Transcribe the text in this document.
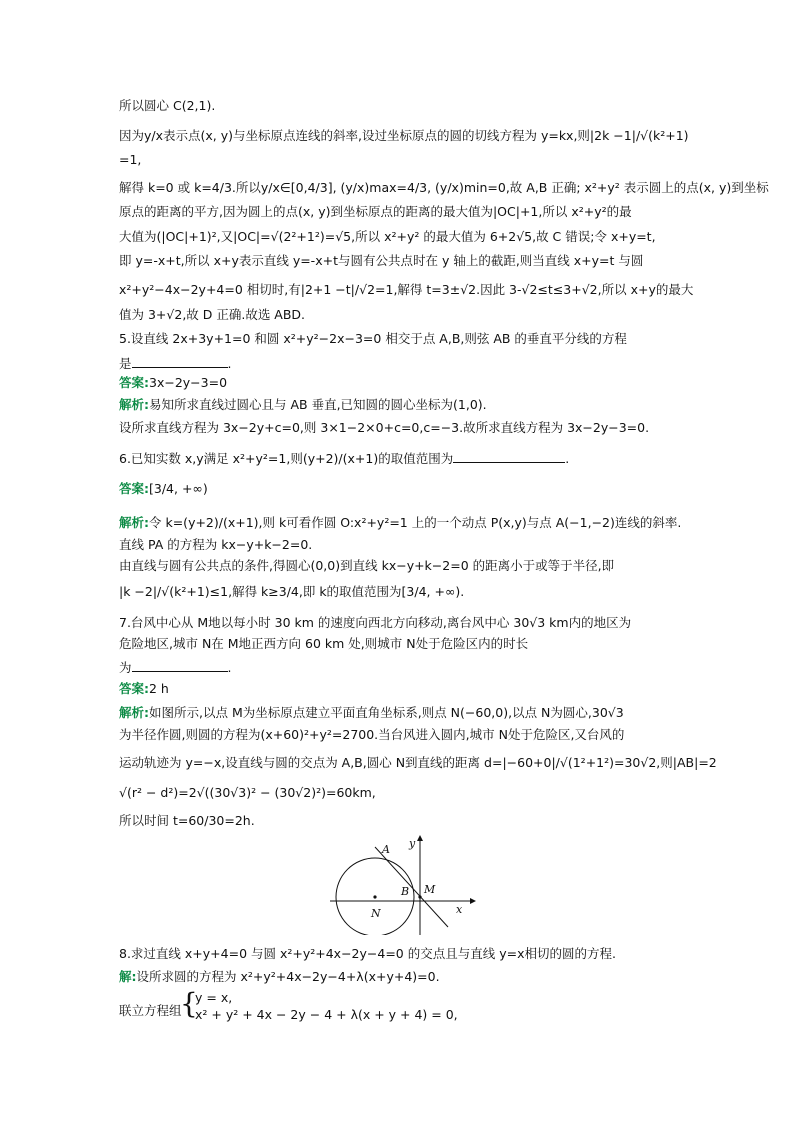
所以圆心 C(2,1).
因为y/x表示点(x, y)与坐标原点连线的斜率,设过坐标原点的圆的切线方程为 y=kx,则|2k −1|/√(k²+1)
=1,
解得 k=0 或 k=4/3.所以y/x∈[0,4/3], (y/x)max=4/3, (y/x)min=0,故 A,B 正确; x²+y² 表示圆上的点(x, y)到坐标
原点的距离的平方,因为圆上的点(x, y)到坐标原点的距离的最大值为|OC|+1,所以 x²+y²的最
大值为(|OC|+1)²,又|OC|=√(2²+1²)=√5,所以 x²+y² 的最大值为 6+2√5,故 C 错误;令 x+y=t,
即 y=-x+t,所以 x+y表示直线 y=-x+t与圆有公共点时在 y 轴上的截距,则当直线 x+y=t 与圆
x²+y²−4x−2y+4=0 相切时,有|2+1 −t|/√2=1,解得 t=3±√2.因此 3-√2≤t≤3+√2,所以 x+y的最大
值为 3+√2,故 D 正确.故选 ABD.
5.设直线 2x+3y+1=0 和圆 x²+y²−2x−3=0 相交于点 A,B,则弦 AB 的垂直平分线的方程
是	.
答案:3x−2y−3=0
解析:易知所求直线过圆心且与 AB 垂直,已知圆的圆心坐标为(1,0).
设所求直线方程为 3x−2y+c=0,则 3×1−2×0+c=0,c=−3.故所求直线方程为 3x−2y−3=0.
6.已知实数 x,y满足 x²+y²=1,则(y+2)/(x+1)的取值范围为	.
答案:[3/4, +∞)
解析:令 k=(y+2)/(x+1),则 k可看作圆 O:x²+y²=1 上的一个动点 P(x,y)与点 A(−1,−2)连线的斜率.
直线 PA 的方程为 kx−y+k−2=0.
由直线与圆有公共点的条件,得圆心(0,0)到直线 kx−y+k−2=0 的距离小于或等于半径,即
|k −2|/√(k²+1)≤1,解得 k≥3/4,即 k的取值范围为[3/4, +∞).
7.台风中心从 M地以每小时 30 km 的速度向西北方向移动,离台风中心 30√3 km内的地区为
危险地区,城市 N在 M地正西方向 60 km 处,则城市 N处于危险区内的时长
为	.
答案:2 h
解析:如图所示,以点 M为坐标原点建立平面直角坐标系,则点 N(−60,0),以点 N为圆心,30√3
为半径作圆,则圆的方程为(x+60)²+y²=2700.当台风进入圆内,城市 N处于危险区,又台风的
运动轨迹为 y=−x,设直线与圆的交点为 A,B,圆心 N到直线的距离 d=|−60+0|/√(1²+1²)=30√2,则|AB|=2
√(r² − d²)=2√((30√3)² − (30√2)²)=60km,
所以时间 t=60/30=2h.
A
B M
N	x
y
8.求过直线 x+y+4=0 与圆 x²+y²+4x−2y−4=0 的交点且与直线 y=x相切的圆的方程.
解:设所求圆的方程为 x²+y²+4x−2y−4+λ(x+y+4)=0.
联立方程组
{
y = x,
x² + y² + 4x − 2y − 4 + λ(x + y + 4) = 0,
